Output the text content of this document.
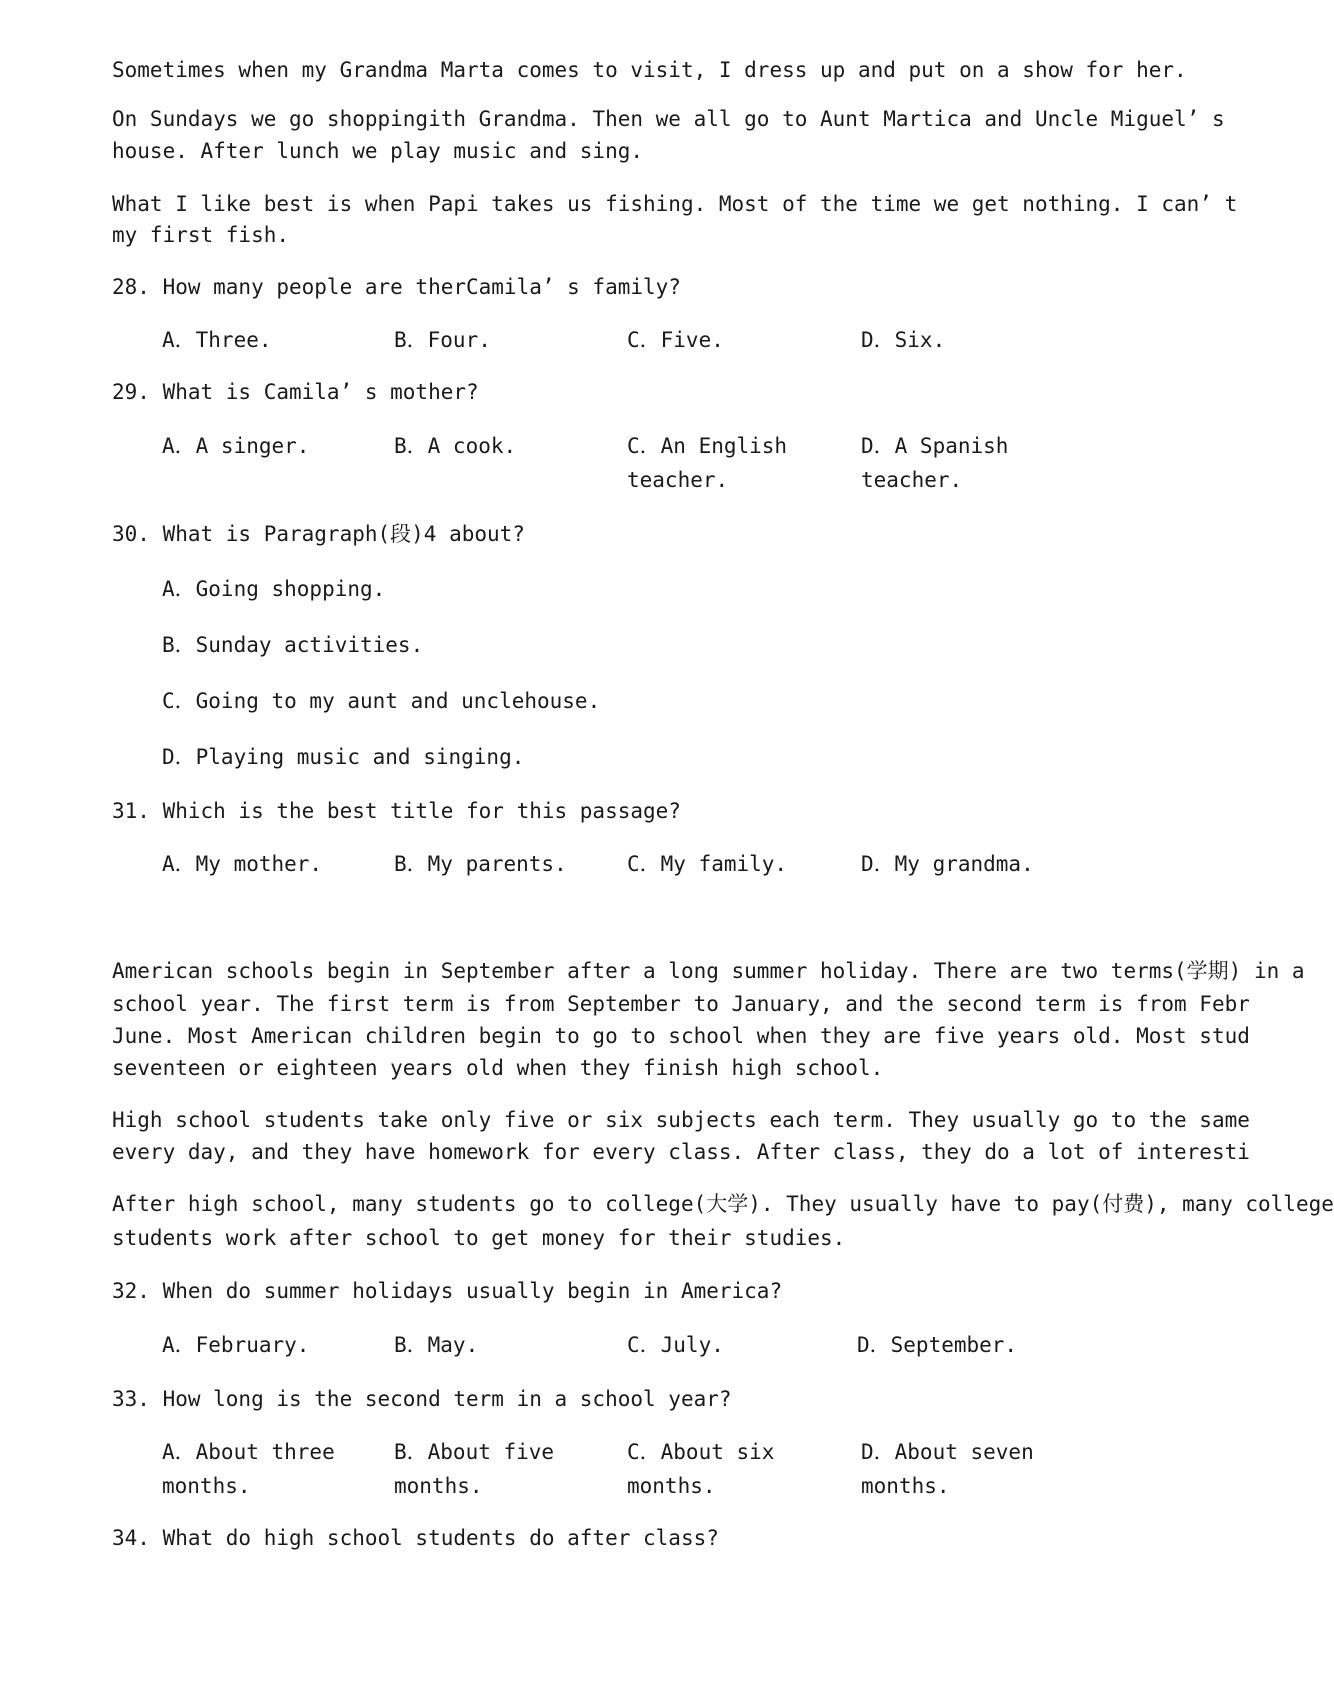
Sometimes when my Grandma Marta comes to visit, I dress up and put on a show for her.
On Sundays we go shoppingith Grandma. Then we all go to Aunt Martica and Uncle Miguel’ s
house. After lunch we play music and sing.
What I like best is when Papi takes us fishing. Most of the time we get nothing. I can’ t
my first fish.
28. How many people are therCamila’ s family?
A．Three.	B．Four.	C．Five.	D．Six.
29. What is Camila’ s mother?
A．A singer.	B．A cook.	C．An English teacher.
D．A Spanish teacher.
30. What is Paragraph(段)4 about?
A．Going shopping.
B．Sunday activities.
C．Going to my aunt and unclehouse.
D．Playing music and singing.
31. Which is the best title for this passage?
A．My mother.	B．My parents.	C．My family.	D．My grandma.
American schools begin in September after a long summer holiday. There are two terms(学期) in a
school year. The first term is from September to January, and the second term is from Febr
June. Most American children begin to go to school when they are five years old. Most stud
seventeen or eighteen years old when they finish high school.
High school students take only five or six subjects each term. They usually go to the same
every day, and they have homework for every class. After class, they do a lot of interesti
After high school, many students go to college(大学). They usually have to pay(付费), many college
students work after school to get money for their studies.
32. When do summer holidays usually begin in America?
A．February.	B．May.	C．July.	D．September.
33. How long is the second term in a school year?
A．About three months.
B．About five months.
C．About six months.
D．About seven months.
34. What do high school students do after class?
